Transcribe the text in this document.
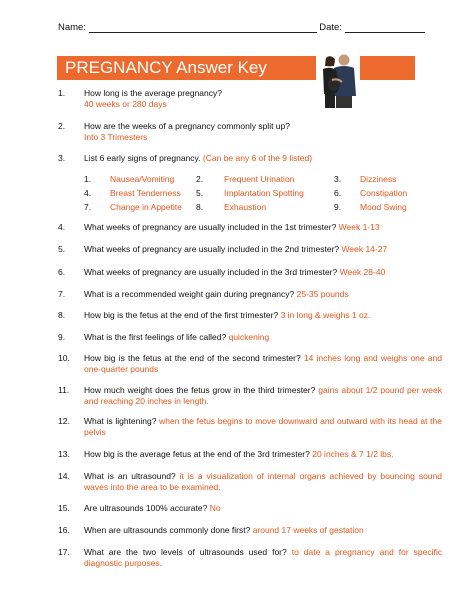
Name:	Date:
PREGNANCY Answer Key
1. How long is the average pregnancy?
40 weeks or 280 days
2. How are the weeks of a pregnancy commonly split up?
Into 3 Trimesters
3. List 6 early signs of pregnancy. (Can be any 6 of the 9 listed)
4. What weeks of pregnancy are usually included in the 1st trimester? Week 1-13
5. What weeks of pregnancy are usually included in the 2nd trimester? Week 14-27
6. What weeks of pregnancy are usually included in the 3rd trimester? Week 28-40
7. What is a recommended weight gain during pregnancy? 25-35 pounds
8. How big is the fetus at the end of the first trimester? 3 in long & weighs 1 oz.
9. What is the first feelings of life called? quickening
10. How big is the fetus at the end of the second trimester? 14 inches long and weighs one and one-quarter pounds
11. How much weight does the fetus grow in the third trimester? gains about 1/2 pound per week and reaching 20 inches in length.
12. What is lightening? when the fetus begins to move downward and outward with its head at the pelvis
13. How big is the average fetus at the end of the 3rd trimester? 20 inches & 7 1/2 lbs.
14. What is an ultrasound? it is a visualization of internal organs achieved by bouncing sound waves into the area to be examined.
15. Are ultrasounds 100% accurate? No
16. When are ultrasounds commonly done first? around 17 weeks of gestation
17. What are the two levels of ultrasounds used for? to date a pregnancy and for specific diagnostic purposes.
1. Nausea/Vomiting	2. Frequent Urination	3. Dizziness
4. Breast Tenderness 5. Implantation Spotting	6. Constipation
7. Change in Appetite 8. Exhaustion	9. Mood Swing
